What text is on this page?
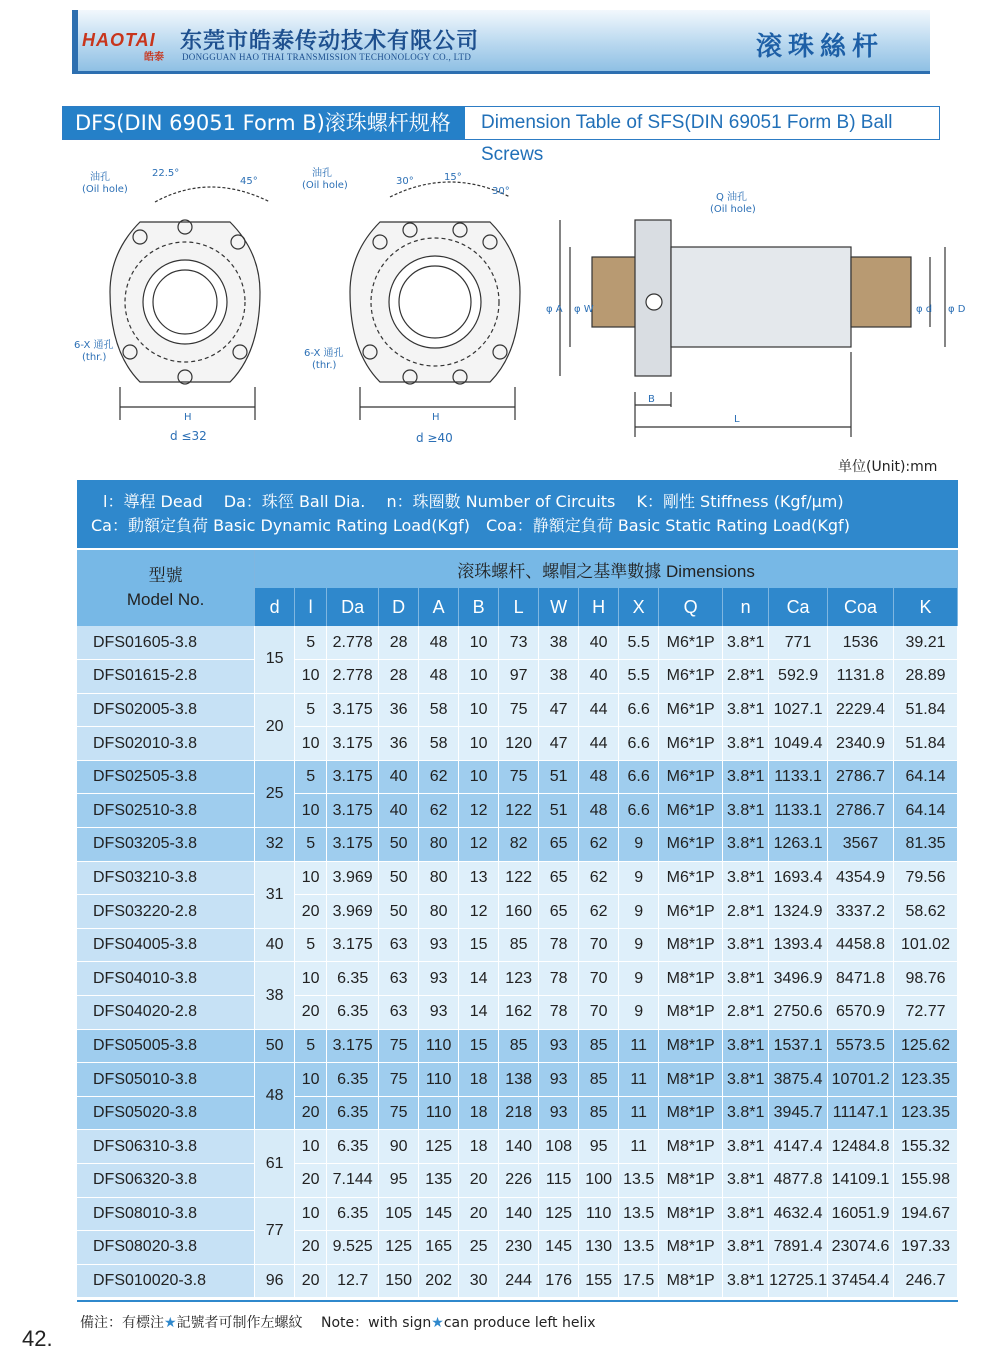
HAOTAI
皓泰
东莞市皓泰传动技术有限公司
DONGGUAN HAO THAI TRANSMISSION TECHONOLOGY CO., LTD	滚珠絲杆
DFS(DIN 69051 Form B)滚珠螺杆规格表
Dimension Table of SFS(DIN 69051 Form B) Ball Screws
油孔
(Oil hole)
22.5°
45°
6-X 通孔
(thr.)
H
d ≤32
油孔
(Oil hole)	30°	15°
30°
6-X 通孔
(thr.)
H
d ≥40
Q 油孔
(Oil hole)
φ A φ W	φ d φ D
B
L
单位(Unit):mm
l：導程 Dead　 Da：珠徑 Ball Dia.　 n：珠圈數 Number of Circuits　 K：剛性 Stiffness (Kgf/μm)
Ca：動額定負荷 Basic Dynamic Rating Load(Kgf)　Coa：静額定負荷 Basic Static Rating Load(Kgf)
型號
Model No.	滚珠螺杆、螺帽之基準數據 Dimensions														
	d	l	Da	D	A	B	L	W	H	X	Q	n	Ca	Coa	K
DFS01605-3.8	15	5	2.778	28	48	10	73	38	40	5.5	M6*1P	3.8*1	771	1536	39.21
DFS01615-2.8		10	2.778	28	48	10	97	38	40	5.5	M6*1P	2.8*1	592.9	1131.8	28.89
DFS02005-3.8	20	5	3.175	36	58	10	75	47	44	6.6	M6*1P	3.8*1	1027.1	2229.4	51.84
DFS02010-3.8		10	3.175	36	58	10	120	47	44	6.6	M6*1P	3.8*1	1049.4	2340.9	51.84
DFS02505-3.8	25	5	3.175	40	62	10	75	51	48	6.6	M6*1P	3.8*1	1133.1	2786.7	64.14
DFS02510-3.8		10	3.175	40	62	12	122	51	48	6.6	M6*1P	3.8*1	1133.1	2786.7	64.14
DFS03205-3.8	32	5	3.175	50	80	12	82	65	62	9	M6*1P	3.8*1	1263.1	3567	81.35
DFS03210-3.8	31	10	3.969	50	80	13	122	65	62	9	M6*1P	3.8*1	1693.4	4354.9	79.56
DFS03220-2.8		20	3.969	50	80	12	160	65	62	9	M6*1P	2.8*1	1324.9	3337.2	58.62
DFS04005-3.8	40	5	3.175	63	93	15	85	78	70	9	M8*1P	3.8*1	1393.4	4458.8	101.02
DFS04010-3.8	38	10	6.35	63	93	14	123	78	70	9	M8*1P	3.8*1	3496.9	8471.8	98.76
DFS04020-2.8		20	6.35	63	93	14	162	78	70	9	M8*1P	2.8*1	2750.6	6570.9	72.77
DFS05005-3.8	50	5	3.175	75	110	15	85	93	85	11	M8*1P	3.8*1	1537.1	5573.5	125.62
DFS05010-3.8	48	10	6.35	75	110	18	138	93	85	11	M8*1P	3.8*1	3875.4	10701.2	123.35
DFS05020-3.8		20	6.35	75	110	18	218	93	85	11	M8*1P	3.8*1	3945.7	11147.1	123.35
DFS06310-3.8	61	10	6.35	90	125	18	140	108	95	11	M8*1P	3.8*1	4147.4	12484.8	155.32
DFS06320-3.8		20	7.144	95	135	20	226	115	100	13.5	M8*1P	3.8*1	4877.8	14109.1	155.98
DFS08010-3.8	77	10	6.35	105	145	20	140	125	110	13.5	M8*1P	3.8*1	4632.4	16051.9	194.67
DFS08020-3.8		20	9.525	125	165	25	230	145	130	13.5	M8*1P	3.8*1	7891.4	23074.6	197.33
DFS010020-3.8	96	20	12.7	150	202	30	244	176	155	17.5	M8*1P	3.8*1	12725.1	37454.4	246.7
備注：有標注★記號者可制作左螺紋　 Note：with sign★can produce left helix
42.
